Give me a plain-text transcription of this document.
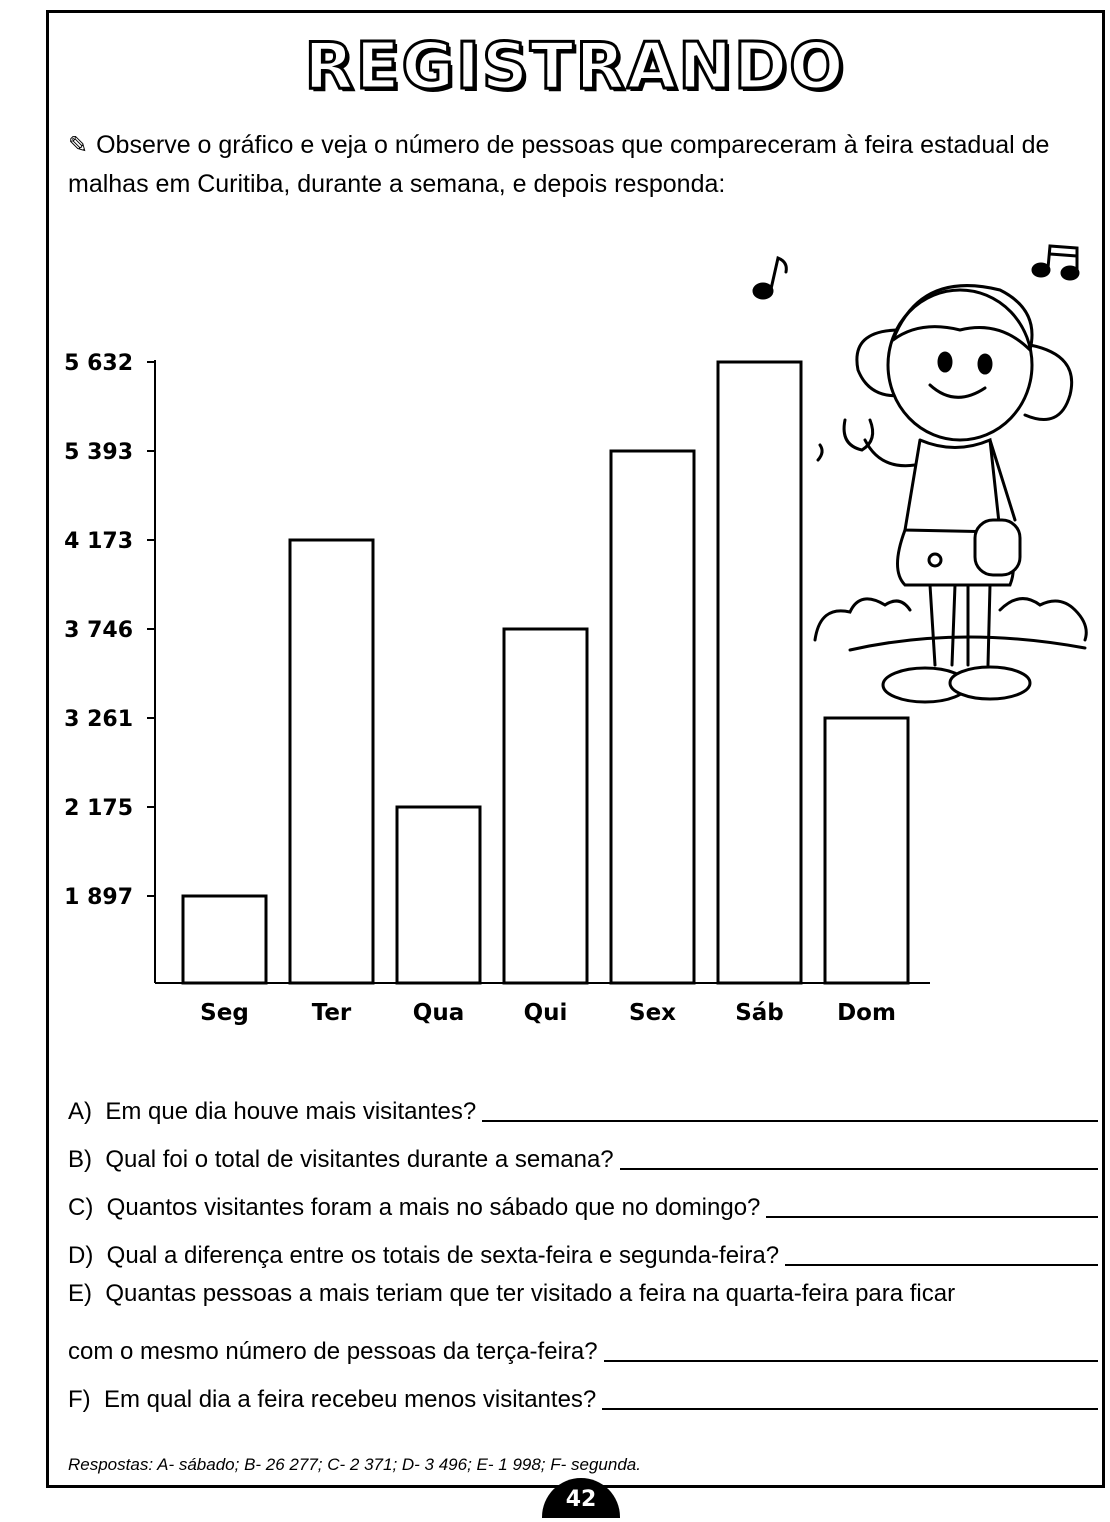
REGISTRANDO
✎ Observe o gráfico e veja o número de pessoas que compareceram à feira estadual de malhas em Curitiba, durante a semana, e depois responda:
1 897
2 175
3 261
3 746
4 173
5 393
5 632
Seg	Ter	Qua	Qui	Sex	Sáb Dom
A) Em que dia houve mais visitantes?
B) Qual foi o total de visitantes durante a semana?
C) Quantos visitantes foram a mais no sábado que no domingo?
D) Qual a diferença entre os totais de sexta-feira e segunda-feira?
E) Quantas pessoas a mais teriam que ter visitado a feira na quarta-feira para ficar
com o mesmo número de pessoas da terça-feira?
F) Em qual dia a feira recebeu menos visitantes?
Respostas: A- sábado; B- 26 277; C- 2 371; D- 3 496; E- 1 998; F- segunda.
42
